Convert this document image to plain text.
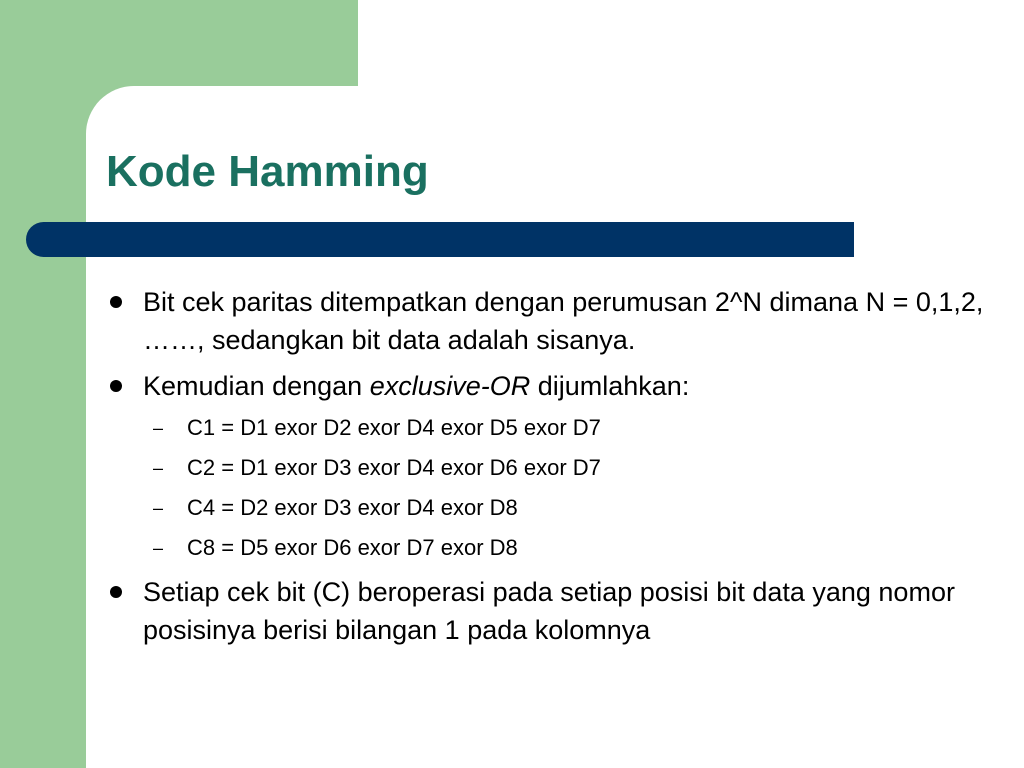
Kode Hamming

Bit cek paritas ditempatkan dengan perumusan 2^N dimana N = 0,1,2, ……, sedangkan bit data adalah sisanya.

Kemudian dengan exclusive-OR dijumlahkan:

– C1 = D1 exor D2 exor D4 exor D5 exor D7

– C2 = D1 exor D3 exor D4 exor D6 exor D7

– C4 = D2 exor D3 exor D4 exor D8

– C8 = D5 exor D6 exor D7 exor D8

Setiap cek bit (C) beroperasi pada setiap posisi bit data yang nomor posisinya berisi bilangan 1 pada kolomnya
